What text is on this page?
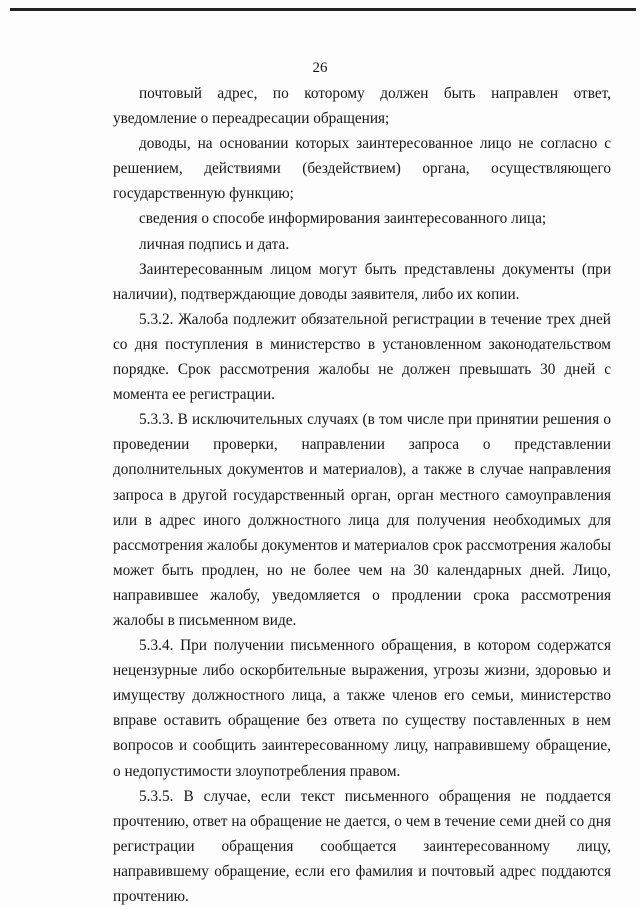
26

почтовый адрес, по которому должен быть направлен ответ, уведомление о переадресации обращения;

доводы, на основании которых заинтересованное лицо не согласно с решением, действиями (бездействием) органа, осуществляющего государственную функцию;

сведения о способе информирования заинтересованного лица;

личная подпись и дата.

Заинтересованным лицом могут быть представлены документы (при наличии), подтверждающие доводы заявителя, либо их копии.

5.3.2. Жалоба подлежит обязательной регистрации в течение трех дней со дня поступления в министерство в установленном законодательством порядке. Срок рассмотрения жалобы не должен превышать 30 дней с момента ее регистрации.

5.3.3. В исключительных случаях (в том числе при принятии решения о проведении проверки, направлении запроса о представлении дополнительных документов и материалов), а также в случае направления запроса в другой государственный орган, орган местного самоуправления или в адрес иного должностного лица для получения необходимых для рассмотрения жалобы документов и материалов срок рассмотрения жалобы может быть продлен, но не более чем на 30 календарных дней. Лицо, направившее жалобу, уведомляется о продлении срока рассмотрения жалобы в письменном виде.

5.3.4. При получении письменного обращения, в котором содержатся нецензурные либо оскорбительные выражения, угрозы жизни, здоровью и имуществу должностного лица, а также членов его семьи, министерство вправе оставить обращение без ответа по существу поставленных в нем вопросов и сообщить заинтересованному лицу, направившему обращение, о недопустимости злоупотребления правом.

5.3.5. В случае, если текст письменного обращения не поддается прочтению, ответ на обращение не дается, о чем в течение семи дней со дня регистрации обращения сообщается заинтересованному лицу, направившему обращение, если его фамилия и почтовый адрес поддаются прочтению.
